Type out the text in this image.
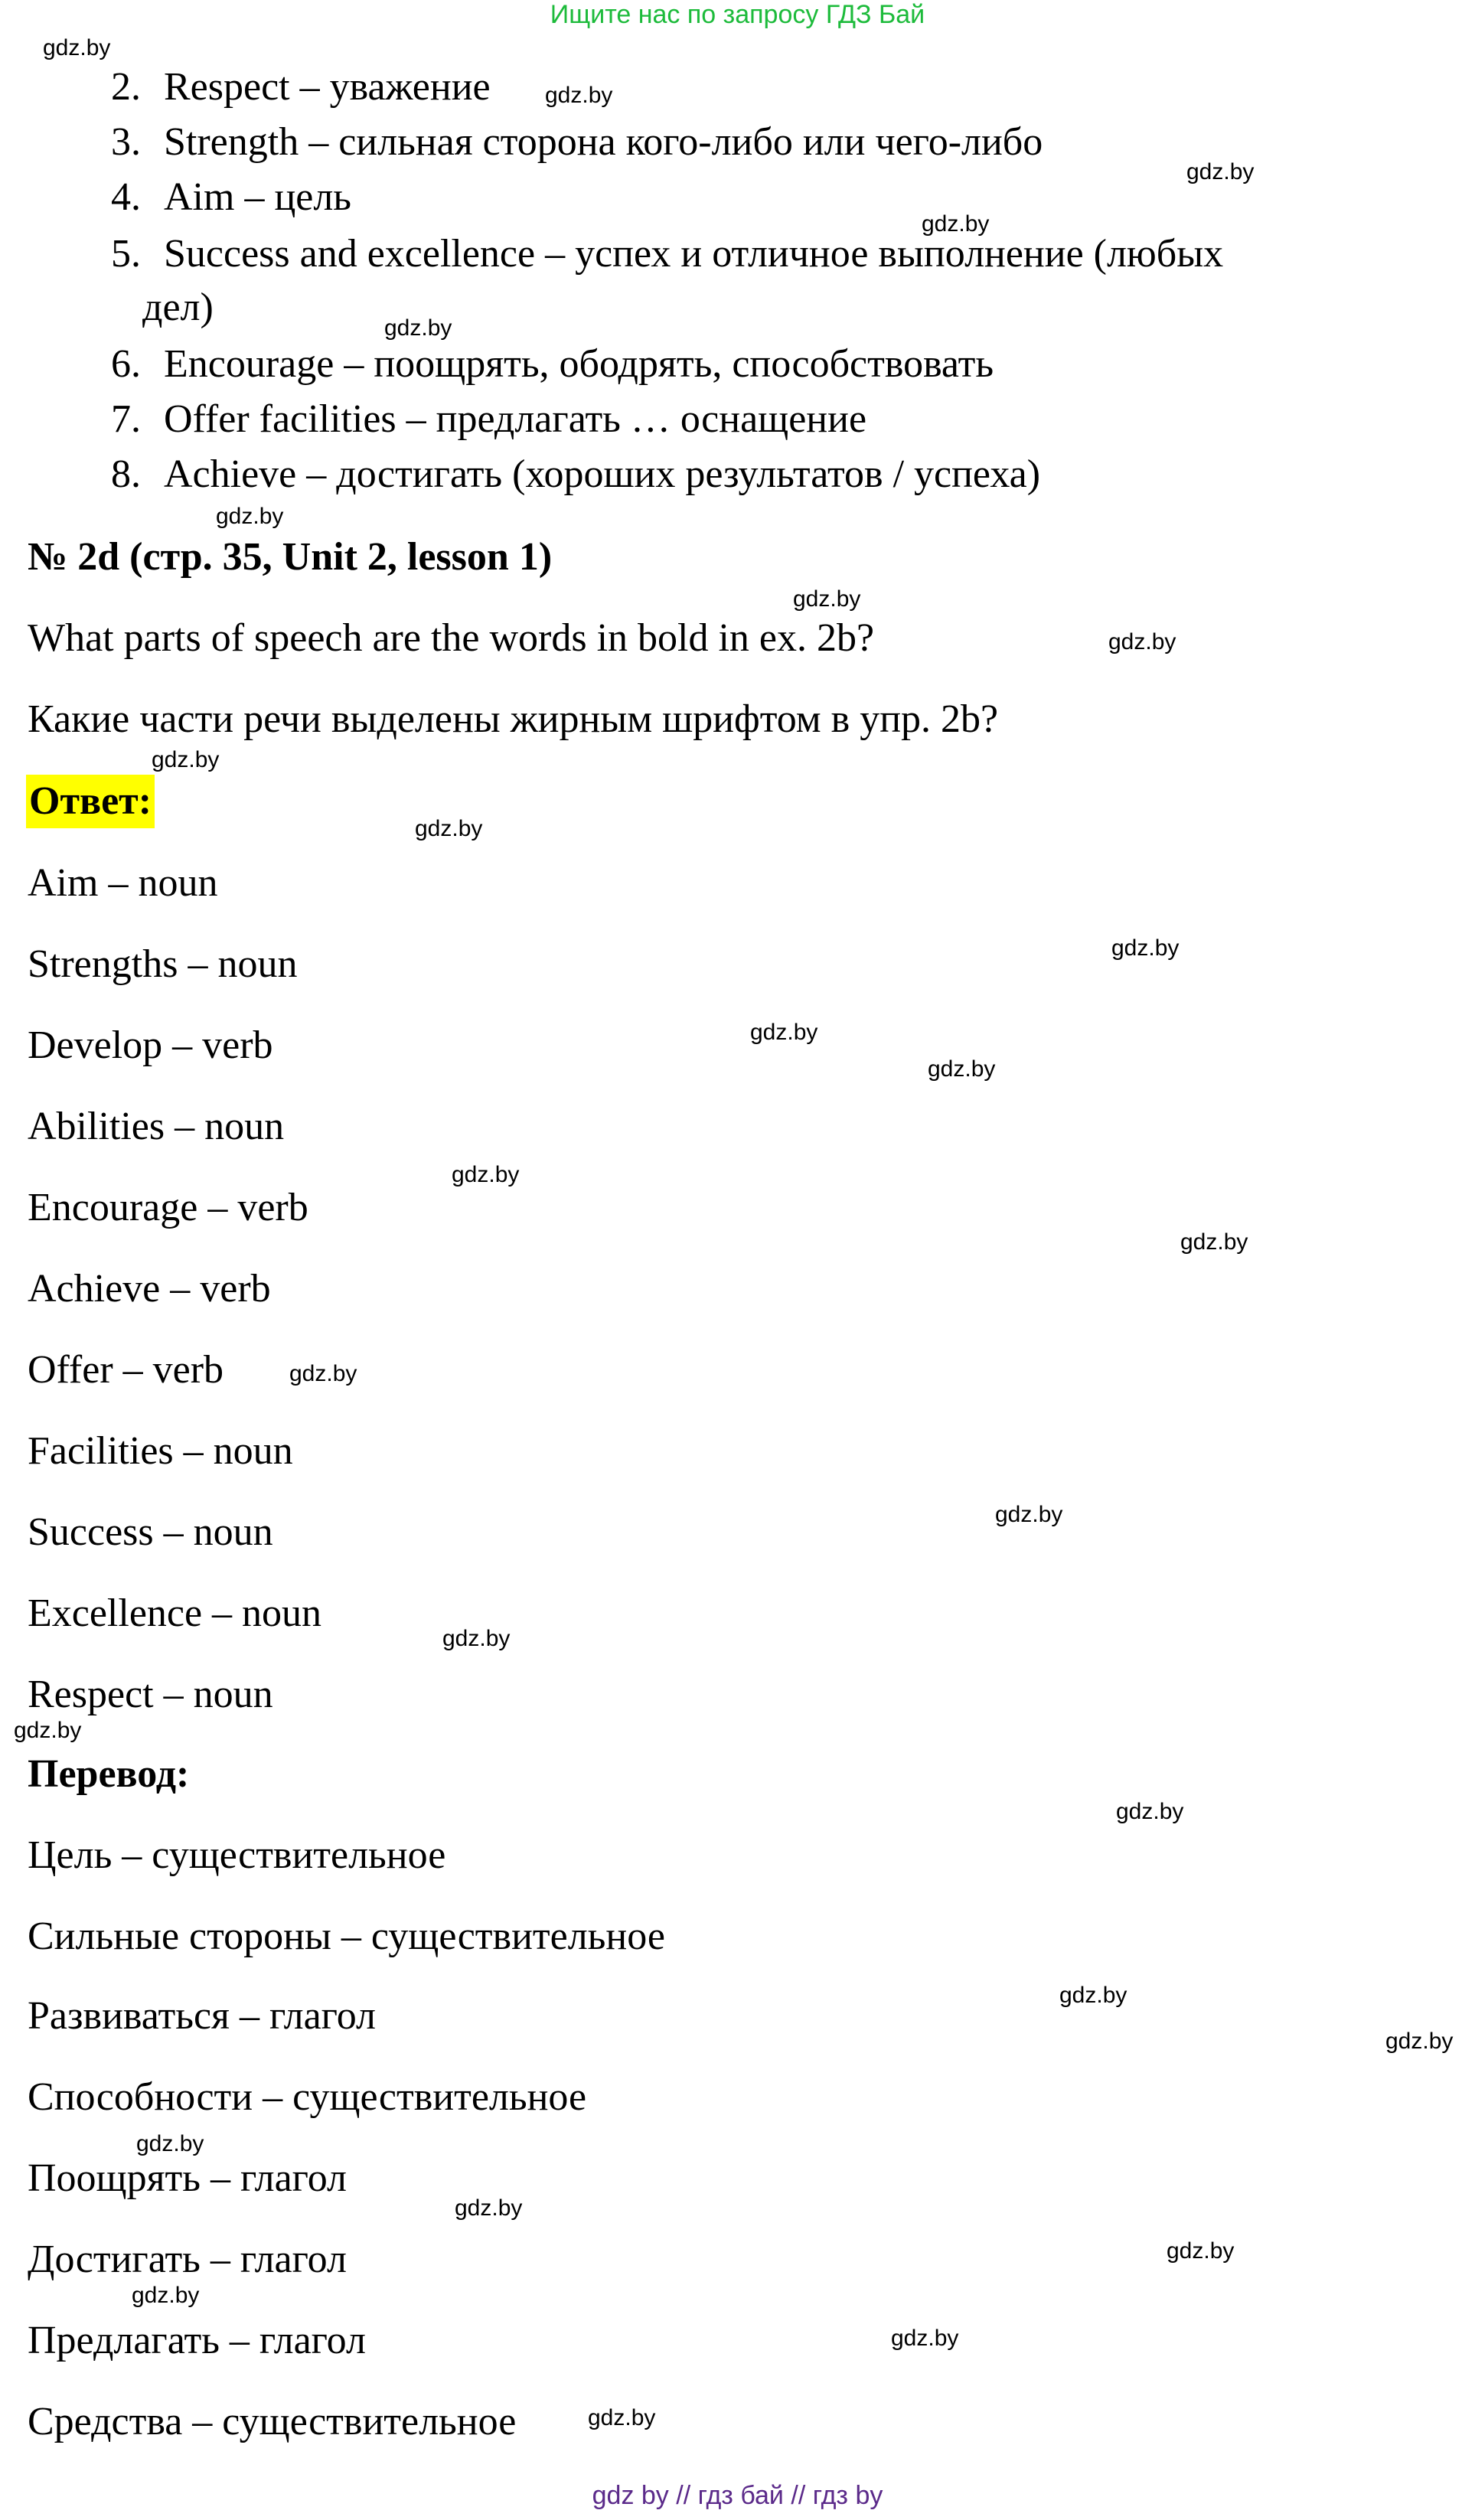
Ищите нас по запросу ГДЗ Бай
2. Respect – уважение
3. Strength – сильная сторона кого-либо или чего-либо
4. Aim – цель
5. Success and excellence – успех и отличное выполнение (любых
дел)
6. Encourage – поощрять, ободрять, способствовать
7. Offer facilities – предлагать … оснащение
8. Achieve – достигать (хороших результатов / успеха)
№ 2d (стр. 35, Unit 2, lesson 1)
What parts of speech are the words in bold in ex. 2b?
Какие части речи выделены жирным шрифтом в упр. 2b?
Ответ:
Aim – noun
Strengths – noun
Develop – verb
Abilities – noun
Encourage – verb
Achieve – verb
Offer – verb
Facilities – noun
Success – noun
Excellence – noun
Respect – noun
Перевод:
Цель – существительное
Сильные стороны – существительное
Развиваться – глагол
Способности – существительное
Поощрять – глагол
Достигать – глагол
Предлагать – глагол
Средства – существительное
gdz.by
gdz.by
gdz.by
gdz.by
gdz.by
gdz.by
gdz.by
gdz.by
gdz.by
gdz.by
gdz.by
gdz.by
gdz.by
gdz.by
gdz.by
gdz.by
gdz.by
gdz.by
gdz.by
gdz.by
gdz.by
gdz.by
gdz.by
gdz.by
gdz.by
gdz.by
gdz.by
gdz.by
gdz by // гдз бай // гдз by
